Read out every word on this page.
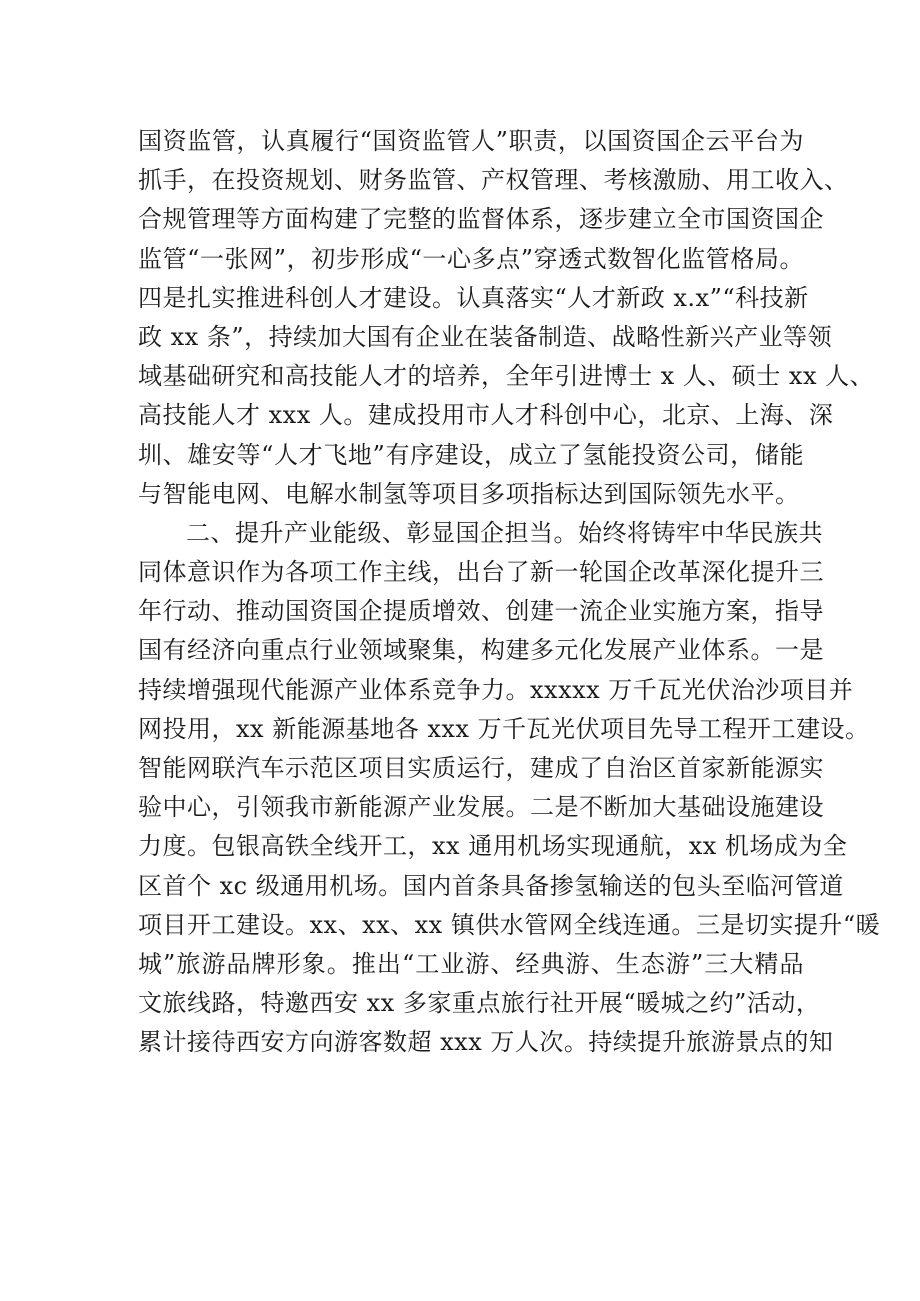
国资监管，认真履行“国资监管人”职责，以国资国企云平台为
抓手，在投资规划、财务监管、产权管理、考核激励、用工收入、
合规管理等方面构建了完整的监督体系，逐步建立全市国资国企
监管“一张网”，初步形成“一心多点”穿透式数智化监管格局。
四是扎实推进科创人才建设。认真落实“人才新政 x.x”“科技新
政 xx 条”，持续加大国有企业在装备制造、战略性新兴产业等领
域基础研究和高技能人才的培养，全年引进博士 x 人、硕士 xx 人、
高技能人才 xxx 人。建成投用市人才科创中心，北京、上海、深
圳、雄安等“人才飞地”有序建设，成立了氢能投资公司，储能
与智能电网、电解水制氢等项目多项指标达到国际领先水平。
二、提升产业能级、彰显国企担当。始终将铸牢中华民族共
同体意识作为各项工作主线，出台了新一轮国企改革深化提升三
年行动、推动国资国企提质增效、创建一流企业实施方案，指导
国有经济向重点行业领域聚集，构建多元化发展产业体系。一是
持续增强现代能源产业体系竞争力。xxxxx 万千瓦光伏治沙项目并
网投用，xx 新能源基地各 xxx 万千瓦光伏项目先导工程开工建设。
智能网联汽车示范区项目实质运行，建成了自治区首家新能源实
验中心，引领我市新能源产业发展。二是不断加大基础设施建设
力度。包银高铁全线开工，xx 通用机场实现通航，xx 机场成为全
区首个 xc 级通用机场。国内首条具备掺氢输送的包头至临河管道
项目开工建设。xx、xx、xx 镇供水管网全线连通。三是切实提升“暖
城”旅游品牌形象。推出“工业游、经典游、生态游”三大精品
文旅线路，特邀西安 xx 多家重点旅行社开展“暖城之约”活动，
累计接待西安方向游客数超 xxx 万人次。持续提升旅游景点的知
